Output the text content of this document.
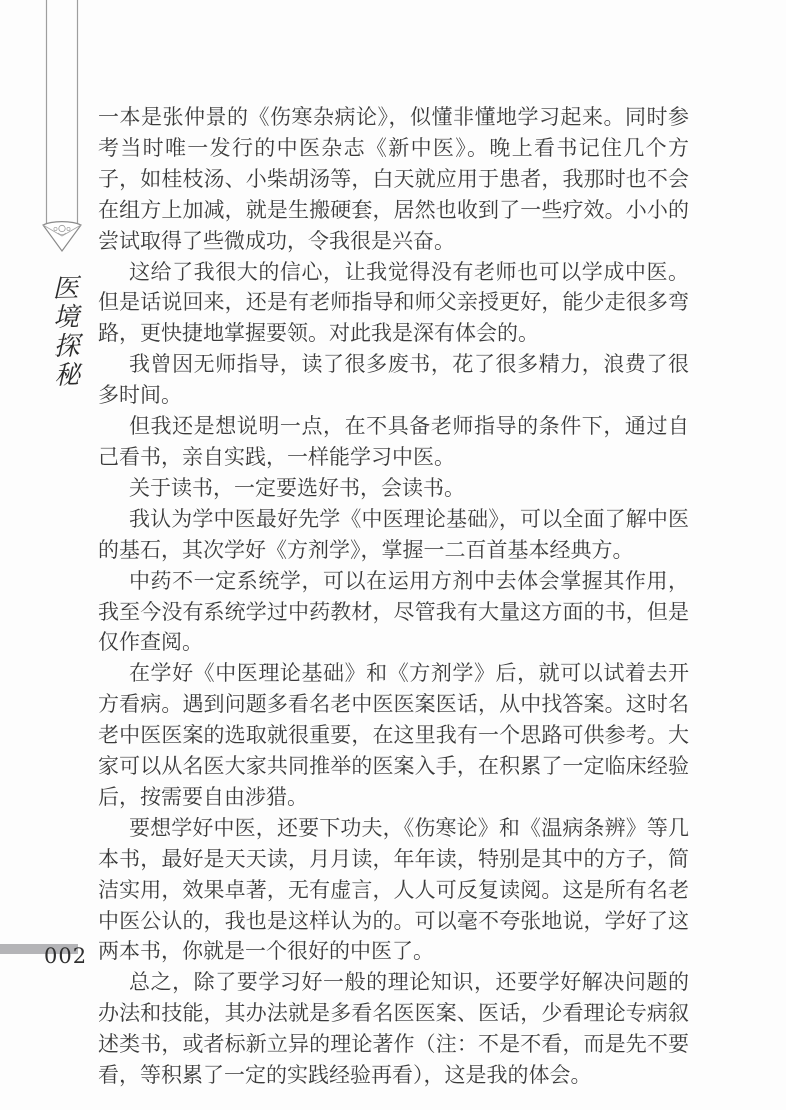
医境探秘

一本是张仲景的《伤寒杂病论》，似懂非懂地学习起来。同时参考当时唯一发行的中医杂志《新中医》。晚上看书记住几个方子，如桂枝汤、小柴胡汤等，白天就应用于患者，我那时也不会在组方上加减，就是生搬硬套，居然也收到了一些疗效。小小的尝试取得了些微成功，令我很是兴奋。

这给了我很大的信心，让我觉得没有老师也可以学成中医。但是话说回来，还是有老师指导和师父亲授更好，能少走很多弯路，更快捷地掌握要领。对此我是深有体会的。

我曾因无师指导，读了很多废书，花了很多精力，浪费了很多时间。

但我还是想说明一点，在不具备老师指导的条件下，通过自己看书，亲自实践，一样能学习中医。

关于读书，一定要选好书，会读书。

我认为学中医最好先学《中医理论基础》，可以全面了解中医的基石，其次学好《方剂学》，掌握一二百首基本经典方。

中药不一定系统学，可以在运用方剂中去体会掌握其作用，我至今没有系统学过中药教材，尽管我有大量这方面的书，但是仅作查阅。

在学好《中医理论基础》和《方剂学》后，就可以试着去开方看病。遇到问题多看名老中医医案医话，从中找答案。这时名老中医医案的选取就很重要，在这里我有一个思路可供参考。大家可以从名医大家共同推举的医案入手，在积累了一定临床经验后，按需要自由涉猎。

要想学好中医，还要下功夫，《伤寒论》和《温病条辨》等几本书，最好是天天读，月月读，年年读，特别是其中的方子，简洁实用，效果卓著，无有虚言，人人可反复读阅。这是所有名老中医公认的，我也是这样认为的。可以毫不夸张地说，学好了这两本书，你就是一个很好的中医了。

总之，除了要学习好一般的理论知识，还要学好解决问题的办法和技能，其办法就是多看名医医案、医话，少看理论专病叙述类书，或者标新立异的理论著作（注：不是不看，而是先不要看，等积累了一定的实践经验再看），这是我的体会。

002
